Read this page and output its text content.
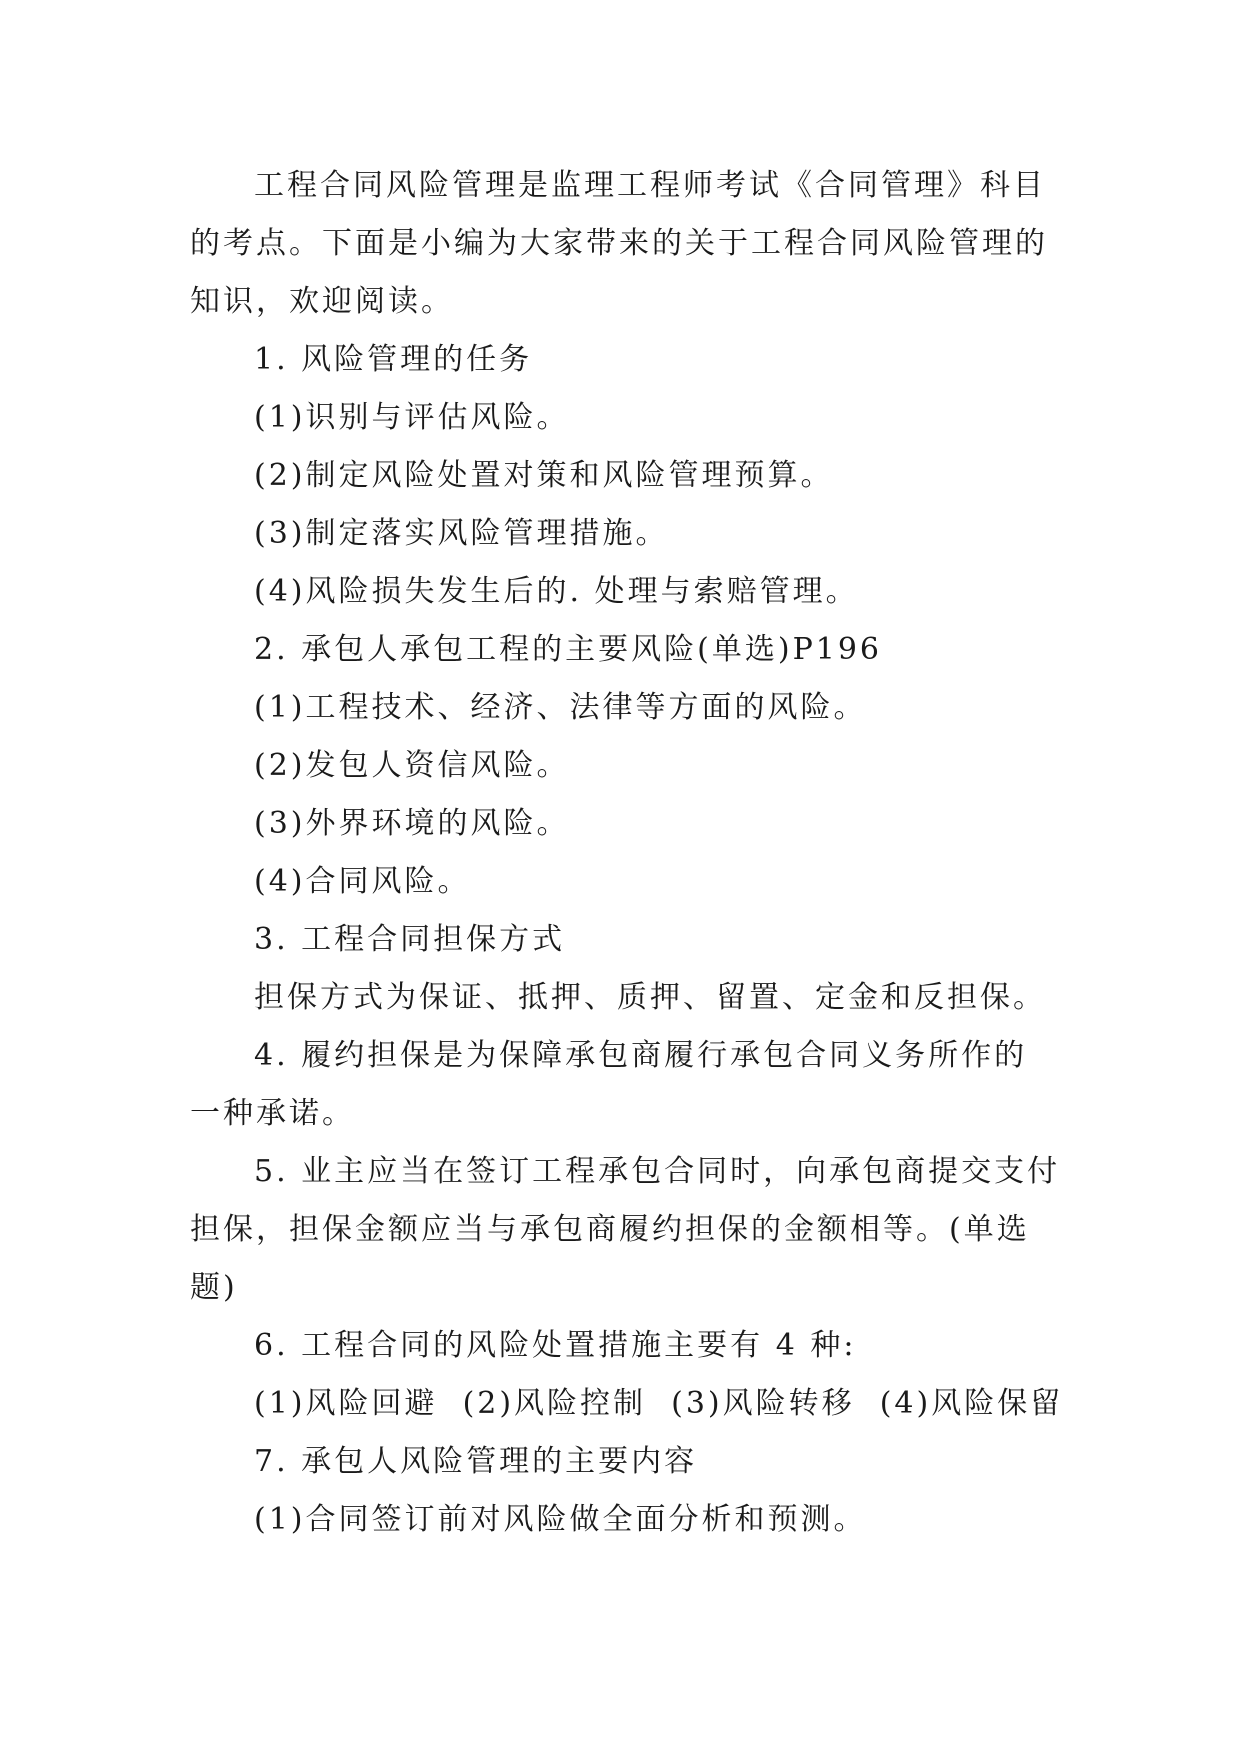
工程合同风险管理是监理工程师考试《合同管理》科目

的考点。下面是小编为大家带来的关于工程合同风险管理的

知识，欢迎阅读。

1. 风险管理的任务

(1)识别与评估风险。

(2)制定风险处置对策和风险管理预算。

(3)制定落实风险管理措施。

(4)风险损失发生后的. 处理与索赔管理。

2. 承包人承包工程的主要风险(单选)P196

(1)工程技术、经济、法律等方面的风险。

(2)发包人资信风险。

(3)外界环境的风险。

(4)合同风险。

3. 工程合同担保方式

担保方式为保证、抵押、质押、留置、定金和反担保。

4. 履约担保是为保障承包商履行承包合同义务所作的

一种承诺。

5. 业主应当在签订工程承包合同时，向承包商提交支付

担保，担保金额应当与承包商履约担保的金额相等。(单选

题)

6. 工程合同的风险处置措施主要有 4 种:

(1)风险回避  (2)风险控制  (3)风险转移  (4)风险保留

7. 承包人风险管理的主要内容

(1)合同签订前对风险做全面分析和预测。
